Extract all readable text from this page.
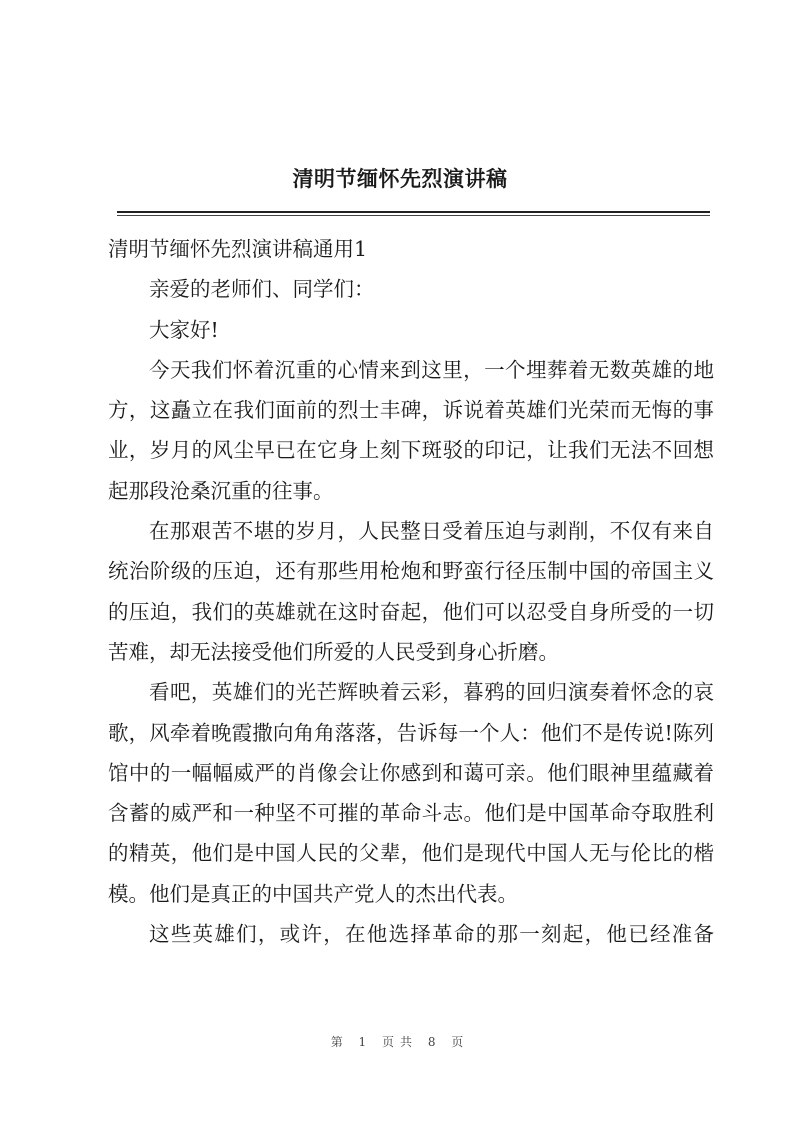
清明节缅怀先烈演讲稿

清明节缅怀先烈演讲稿通用1

亲爱的老师们、同学们：

大家好!

今天我们怀着沉重的心情来到这里，一个埋葬着无数英雄的地方，这矗立在我们面前的烈士丰碑，诉说着英雄们光荣而无悔的事业，岁月的风尘早已在它身上刻下斑驳的印记，让我们无法不回想起那段沧桑沉重的往事。

在那艰苦不堪的岁月，人民整日受着压迫与剥削，不仅有来自统治阶级的压迫，还有那些用枪炮和野蛮行径压制中国的帝国主义的压迫，我们的英雄就在这时奋起，他们可以忍受自身所受的一切苦难，却无法接受他们所爱的人民受到身心折磨。

看吧，英雄们的光芒辉映着云彩，暮鸦的回归演奏着怀念的哀歌，风牵着晚霞撒向角角落落，告诉每一个人：他们不是传说!陈列馆中的一幅幅威严的肖像会让你感到和蔼可亲。他们眼神里蕴藏着含蓄的威严和一种坚不可摧的革命斗志。他们是中国革命夺取胜利的精英，他们是中国人民的父辈，他们是现代中国人无与伦比的楷模。他们是真正的中国共产党人的杰出代表。

这些英雄们，或许，在他选择革命的那一刻起，他已经准备

第 1 页共 8 页
